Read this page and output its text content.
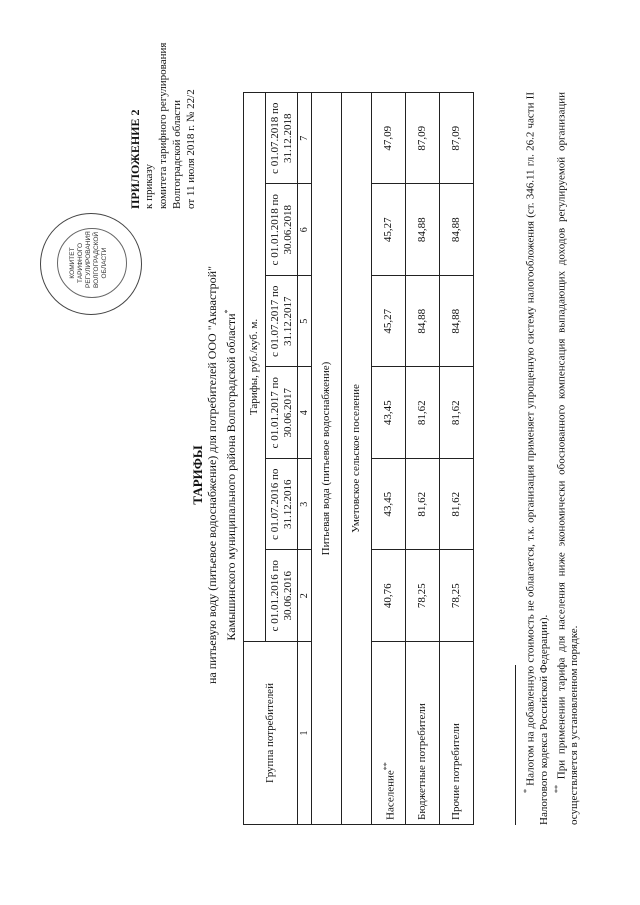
КОМИТЕТ ТАРИФНОГО РЕГУЛИРОВАНИЯ ВОЛГОГРАДСКОЙ ОБЛАСТИ
ПРИЛОЖЕНИЕ 2 к приказу комитета тарифного регулирования Волгоградской области от 11 июля 2018 г. № 22/2
ТАРИФЫ на питьевую воду (питьевое водоснабжение) для потребителей ООО "Акваcтрой" Камышинского муниципального района Волгоградской области*
Группа потребителей	Тарифы, руб./куб. м.					
	с 01.01.2016 по 30.06.2016	с 01.07.2016 по 31.12.2016	с 01.01.2017 по 30.06.2017	с 01.07.2017 по 31.12.2017	с 01.01.2018 по 30.06.2018	с 01.07.2018 по 31.12.2018
1	2	3	4	5	6	7
Питьевая вода (питьевое водоснабжение)						
Уметовское сельское поселение						
Население**	40,76	43,45	43,45	45,27	45,27	47,09
Бюджетные потребители	78,25	81,62	81,62	84,88	84,88	87,09
Прочие потребители	78,25	81,62	81,62	84,88	84,88	87,09

* Налогом на добавленную стоимость не облагается, т.к. организация применяет упрощенную систему налогообложения (ст. 346.11 гл. 26.2 части II Налогового кодекса Российской Федерации). ** При применении тарифа для населения ниже экономически обоснованного компенсация выпадающих доходов регулируемой организации осуществляется в установленном порядке.
